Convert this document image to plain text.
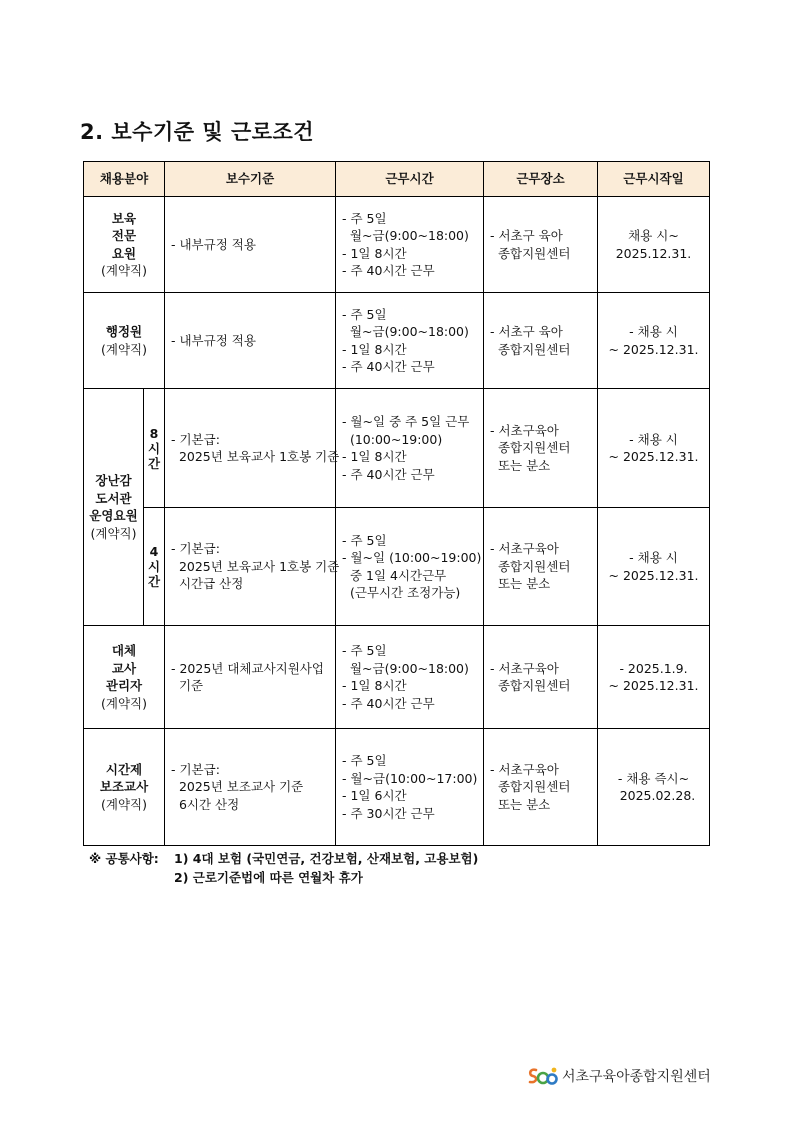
2. 보수기준 및 근로조건
채용분야		보수기준	근무시간	근무장소	근무시작일

보육
전문
요원
(계약직)		- 내부규정 적용	- 주 5일
월~금(9:00~18:00)
- 1일 8시간
- 주 40시간 근무	- 서초구 육아
종합지원센터	채용 시~
2025.12.31.

행정원
(계약직)		- 내부규정 적용	- 주 5일
월~금(9:00~18:00)
- 1일 8시간
- 주 40시간 근무	- 서초구 육아
종합지원센터	- 채용 시
~ 2025.12.31.

장난감
도서관
운영요원
(계약직)	8
시
간	- 기본급:
2025년 보육교사 1호봉 기준	- 월~일 중 주 5일 근무
(10:00~19:00)
- 1일 8시간
- 주 40시간 근무	- 서초구육아
종합지원센터
또는 분소	- 채용 시
~ 2025.12.31.

	4
시
간	- 기본급:
2025년 보육교사 1호봉 기준
시간급 산정	- 주 5일
- 월~일 (10:00~19:00)
중 1일 4시간근무
(근무시간 조정가능)	- 서초구육아
종합지원센터
또는 분소	- 채용 시
~ 2025.12.31.

대체
교사
관리자
(계약직)		- 2025년 대체교사지원사업
기준	- 주 5일
월~금(9:00~18:00)
- 1일 8시간
- 주 40시간 근무	- 서초구육아
종합지원센터	- 2025.1.9.
~ 2025.12.31.

시간제
보조교사
(계약직)		- 기본급:
2025년 보조교사 기준
6시간 산정	- 주 5일
- 월~금(10:00~17:00)
- 1일 6시간
- 주 30시간 근무	- 서초구육아
종합지원센터
또는 분소	- 채용 즉시~
2025.02.28.
※ 공통사항:	1) 4대 보험 (국민연금, 건강보험, 산재보험, 고용보험)
2) 근로기준법에 따른 연월차 휴가
서초구육아종합지원센터
